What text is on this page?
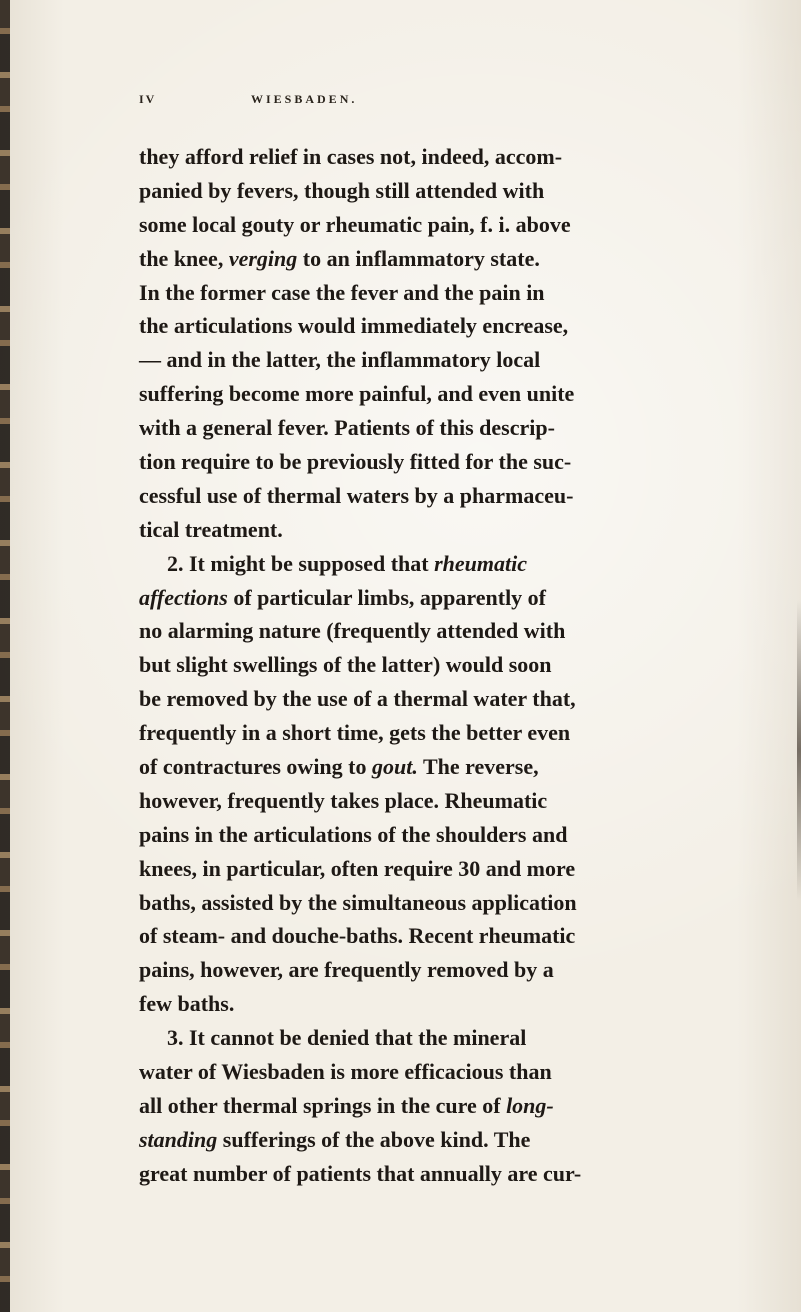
IV	WIESBADEN.
they afford relief in cases not, indeed, accom-
panied by fevers, though still attended with
some local gouty or rheumatic pain, f. i. above
the knee, verging to an inflammatory state.
In the former case the fever and the pain in
the articulations would immediately encrease,
— and in the latter, the inflammatory local
suffering become more painful, and even unite
with a general fever. Patients of this descrip-
tion require to be previously fitted for the suc-
cessful use of thermal waters by a pharmaceu-
tical treatment.
2. It might be supposed that rheumatic
affections of particular limbs, apparently of
no alarming nature (frequently attended with
but slight swellings of the latter) would soon
be removed by the use of a thermal water that,
frequently in a short time, gets the better even
of contractures owing to gout. The reverse,
however, frequently takes place. Rheumatic
pains in the articulations of the shoulders and
knees, in particular, often require 30 and more
baths, assisted by the simultaneous application
of steam- and douche-baths. Recent rheumatic
pains, however, are frequently removed by a
few baths.
3. It cannot be denied that the mineral
water of Wiesbaden is more efficacious than
all other thermal springs in the cure of long-
standing sufferings of the above kind. The
great number of patients that annually are cur-
